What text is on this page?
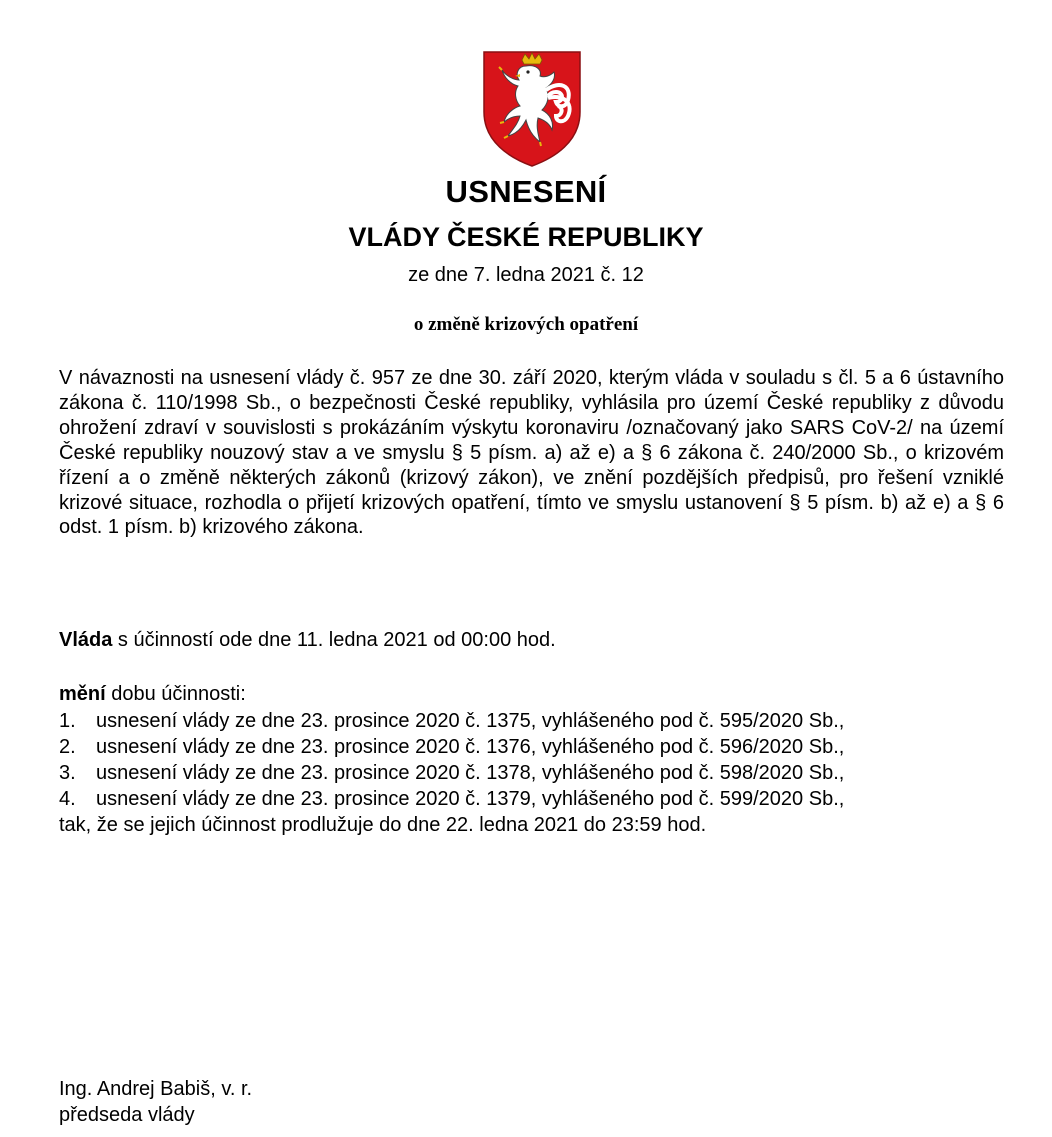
USNESENÍ
VLÁDY ČESKÉ REPUBLIKY
ze dne 7. ledna 2021 č. 12
o změně krizových opatření

V návaznosti na usnesení vlády č. 957 ze dne 30. září 2020, kterým vláda v souladu s čl. 5 a 6 ústavního zákona č. 110/1998 Sb., o bezpečnosti České republiky, vyhlásila pro území České republiky z důvodu ohrožení zdraví v souvislosti s prokázáním výskytu koronaviru /označovaný jako SARS CoV-2/ na území České republiky nouzový stav a ve smyslu § 5 písm. a) až e) a § 6 zákona č. 240/2000 Sb., o krizovém řízení a o změně některých zákonů (krizový zákon), ve znění pozdějších předpisů, pro řešení vzniklé krizové situace, rozhodla o přijetí krizových opatření, tímto ve smyslu ustanovení § 5 písm. b) až e) a § 6 odst. 1 písm. b) krizového zákona.

Vláda s účinností ode dne 11. ledna 2021 od 00:00 hod.
mění dobu účinnosti:
1. usnesení vlády ze dne 23. prosince 2020 č. 1375, vyhlášeného pod č. 595/2020 Sb.,
2. usnesení vlády ze dne 23. prosince 2020 č. 1376, vyhlášeného pod č. 596/2020 Sb.,
3. usnesení vlády ze dne 23. prosince 2020 č. 1378, vyhlášeného pod č. 598/2020 Sb.,
4. usnesení vlády ze dne 23. prosince 2020 č. 1379, vyhlášeného pod č. 599/2020 Sb.,
tak, že se jejich účinnost prodlužuje do dne 22. ledna 2021 do 23:59 hod.
Ing. Andrej Babiš, v. r.
předseda vlády
